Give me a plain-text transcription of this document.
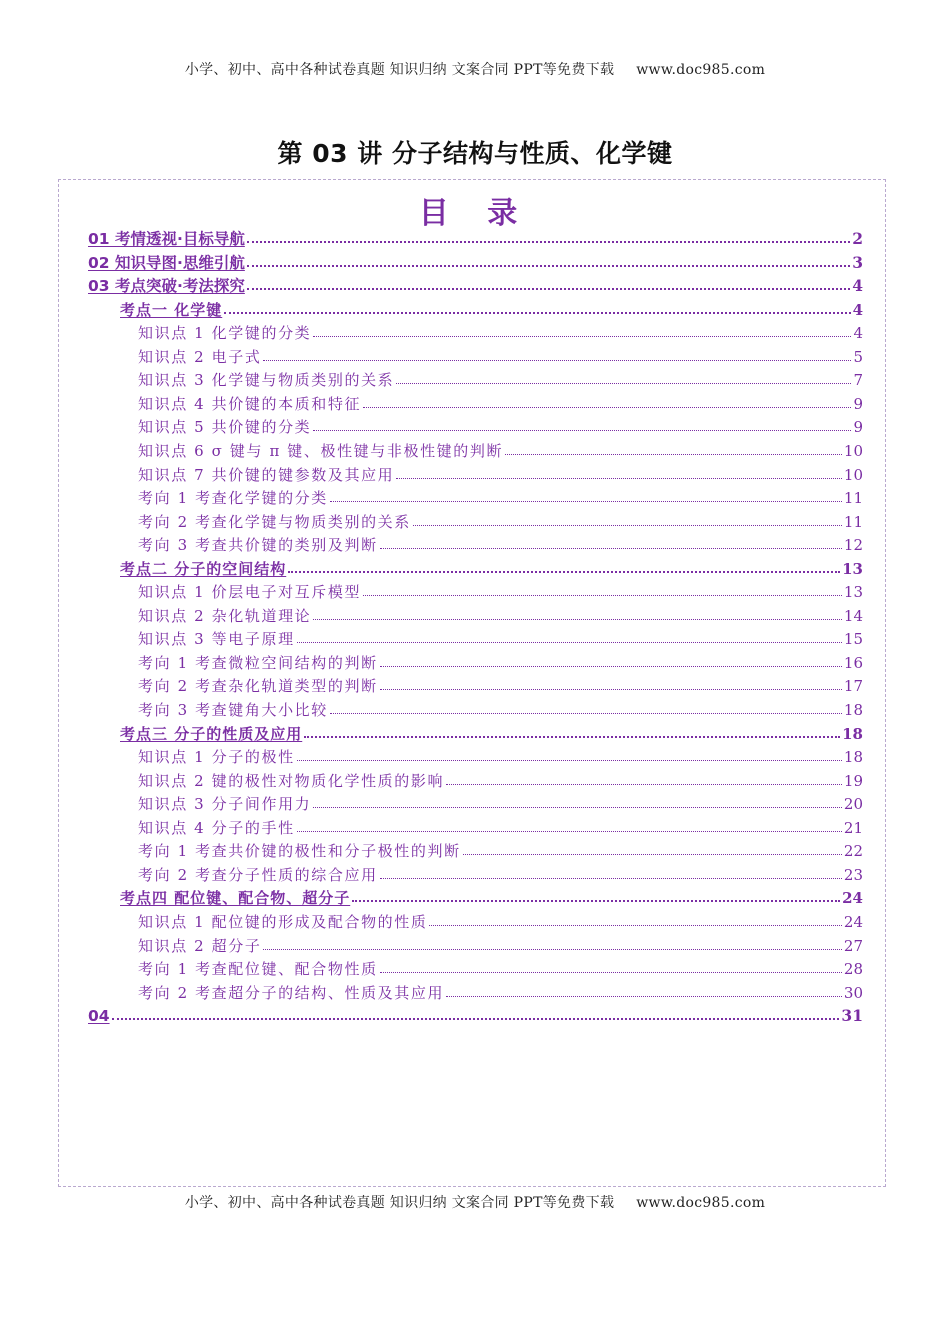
小学、初中、高中各种试卷真题 知识归纳 文案合同 PPT等免费下载 www.doc985.com
第 03 讲 分子结构与性质、化学键
目 录
01 考情透视·目标导航	2
02 知识导图·思维引航	3
03 考点突破·考法探究	4
考点一 化学键	4
知识点 1 化学键的分类	4
知识点 2 电子式	5
知识点 3 化学键与物质类别的关系	7
知识点 4 共价键的本质和特征	9
知识点 5 共价键的分类	9
知识点 6 σ 键与 π 键、极性键与非极性键的判断	10
知识点 7 共价键的键参数及其应用	10
考向 1 考查化学键的分类	11
考向 2 考查化学键与物质类别的关系	11
考向 3 考查共价键的类别及判断	12
考点二 分子的空间结构	13
知识点 1 价层电子对互斥模型	13
知识点 2 杂化轨道理论	14
知识点 3 等电子原理	15
考向 1 考查微粒空间结构的判断	16
考向 2 考查杂化轨道类型的判断	17
考向 3 考查键角大小比较	18
考点三 分子的性质及应用	18
知识点 1 分子的极性	18
知识点 2 键的极性对物质化学性质的影响	19
知识点 3 分子间作用力	20
知识点 4 分子的手性	21
考向 1 考查共价键的极性和分子极性的判断	22
考向 2 考查分子性质的综合应用	23
考点四 配位键、配合物、超分子	24
知识点 1 配位键的形成及配合物的性质	24
知识点 2 超分子	27
考向 1 考查配位键、配合物性质	28
考向 2 考查超分子的结构、性质及其应用	30
04	31
小学、初中、高中各种试卷真题 知识归纳 文案合同 PPT等免费下载 www.doc985.com
